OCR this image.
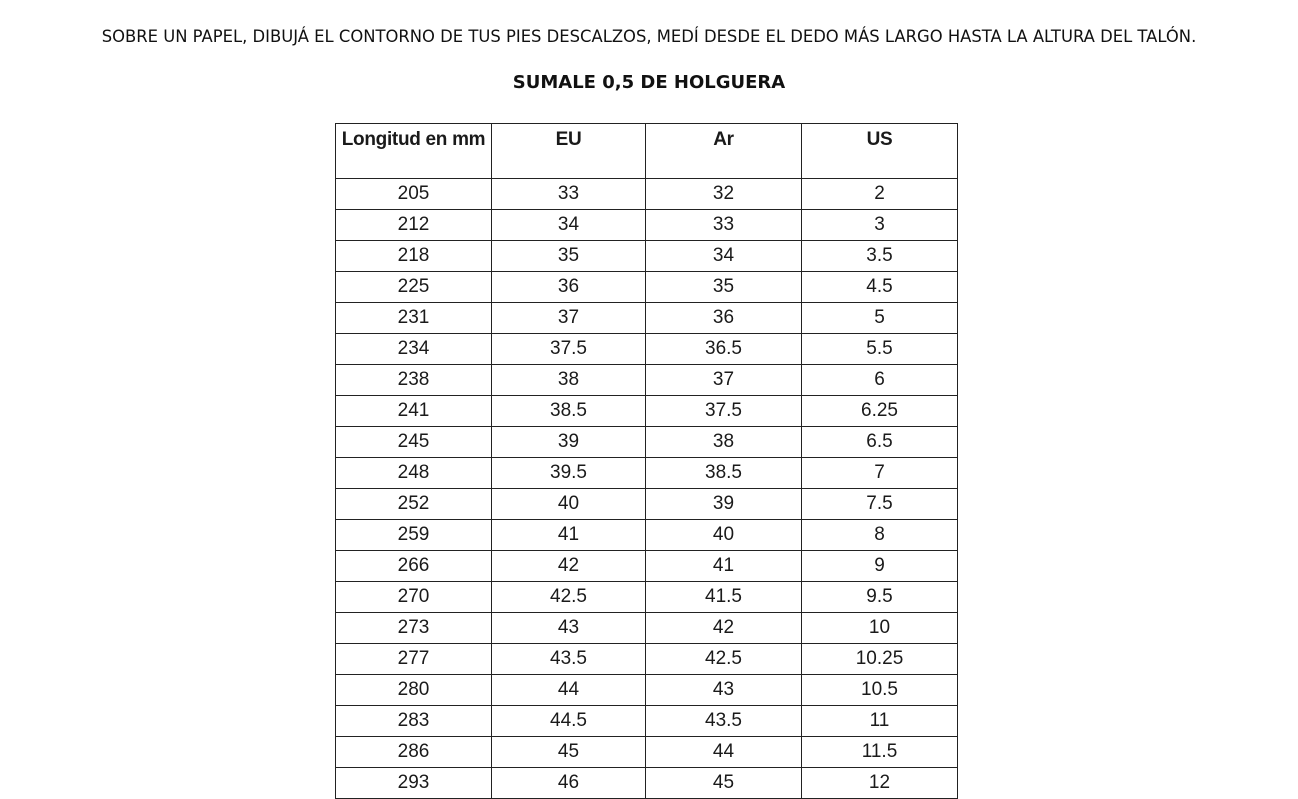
SOBRE UN PAPEL, DIBUJÁ EL CONTORNO DE TUS PIES DESCALZOS, MEDÍ DESDE EL DEDO MÁS LARGO HASTA LA ALTURA DEL TALÓN.
SUMALE 0,5 DE HOLGUERA
Longitud en mm	EU	Ar	US

205	33	32	2
212	34	33	3
218	35	34	3.5
225	36	35	4.5
231	37	36	5
234	37.5	36.5	5.5
238	38	37	6
241	38.5	37.5	6.25
245	39	38	6.5
248	39.5	38.5	7
252	40	39	7.5
259	41	40	8
266	42	41	9
270	42.5	41.5	9.5
273	43	42	10
277	43.5	42.5	10.25
280	44	43	10.5
283	44.5	43.5	11
286	45	44	11.5
293	46	45	12
